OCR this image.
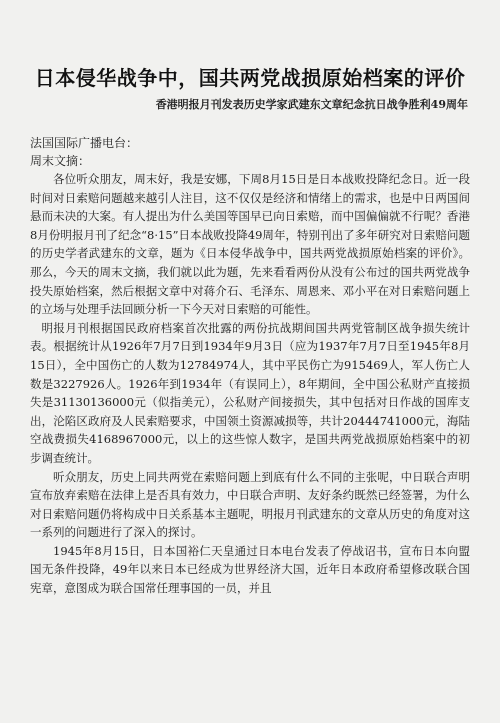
日本侵华战争中，国共两党战损原始档案的评价
香港明报月刊发表历史学家武建东文章纪念抗日战争胜利49周年
法国国际广播电台：
周末文摘：

各位听众朋友，周末好，我是安娜，下周8月15日是日本战败投降纪念日。近一段时间对日索赔问题越来越引人注目，这不仅仅是经济和情绪上的需求，也是中日两国间悬而未决的大案。有人提出为什么美国等国早已向日索赔，而中国偏偏就不行呢？香港8月份明报月刊了纪念“8·15”日本战败投降49周年，特别刊出了多年研究对日索赔问题的历史学者武建东的文章，题为《日本侵华战争中，国共两党战损原始档案的评价》。那么，今天的周末文摘，我们就以此为题，先来看看两份从没有公布过的国共两党战争投失原始档案，然后根据文章中对蒋介石、毛泽东、周恩来、邓小平在对日索赔问题上的立场与处理手法回顾分析一下今天对日索赔的可能性。

明报月刊根据国民政府档案首次批露的两份抗战期间国共两党管制区战争损失统计表。根据统计从1926年7月7日到1934年9月3日（应为1937年7月7日至1945年8月15日），全中国伤亡的人数为12784974人，其中平民伤亡为915469人，军人伤亡人数是3227926人。1926年到1934年（有误同上），8年期间，全中国公私财产直接损失是31130136000元（似指美元），公私财产间接损失，其中包括对日作战的国库支出，沦陷区政府及人民索赔要求，中国领土资源减损等，共计20444741000元，海陆空战费损失4168967000元，以上的这些惊人数字，是国共两党战损原始档案中的初步调查统计。

听众朋友，历史上同共两党在索赔问题上到底有什么不同的主张呢，中日联合声明宣布放弃索赔在法律上是否具有效力，中日联合声明、友好条约既然已经签署，为什么对日索赔问题仍将构成中日关系基本主题呢，明报月刊武建东的文章从历史的角度对这一系列的问题进行了深入的探讨。

1945年8月15日，日本国裕仁天皇通过日本电台发表了停战诏书，宣布日本向盟国无条件投降，49年以来日本已经成为世界经济大国，近年日本政府希望修改联合国宪章，意图成为联合国常任理事国的一员，并且
